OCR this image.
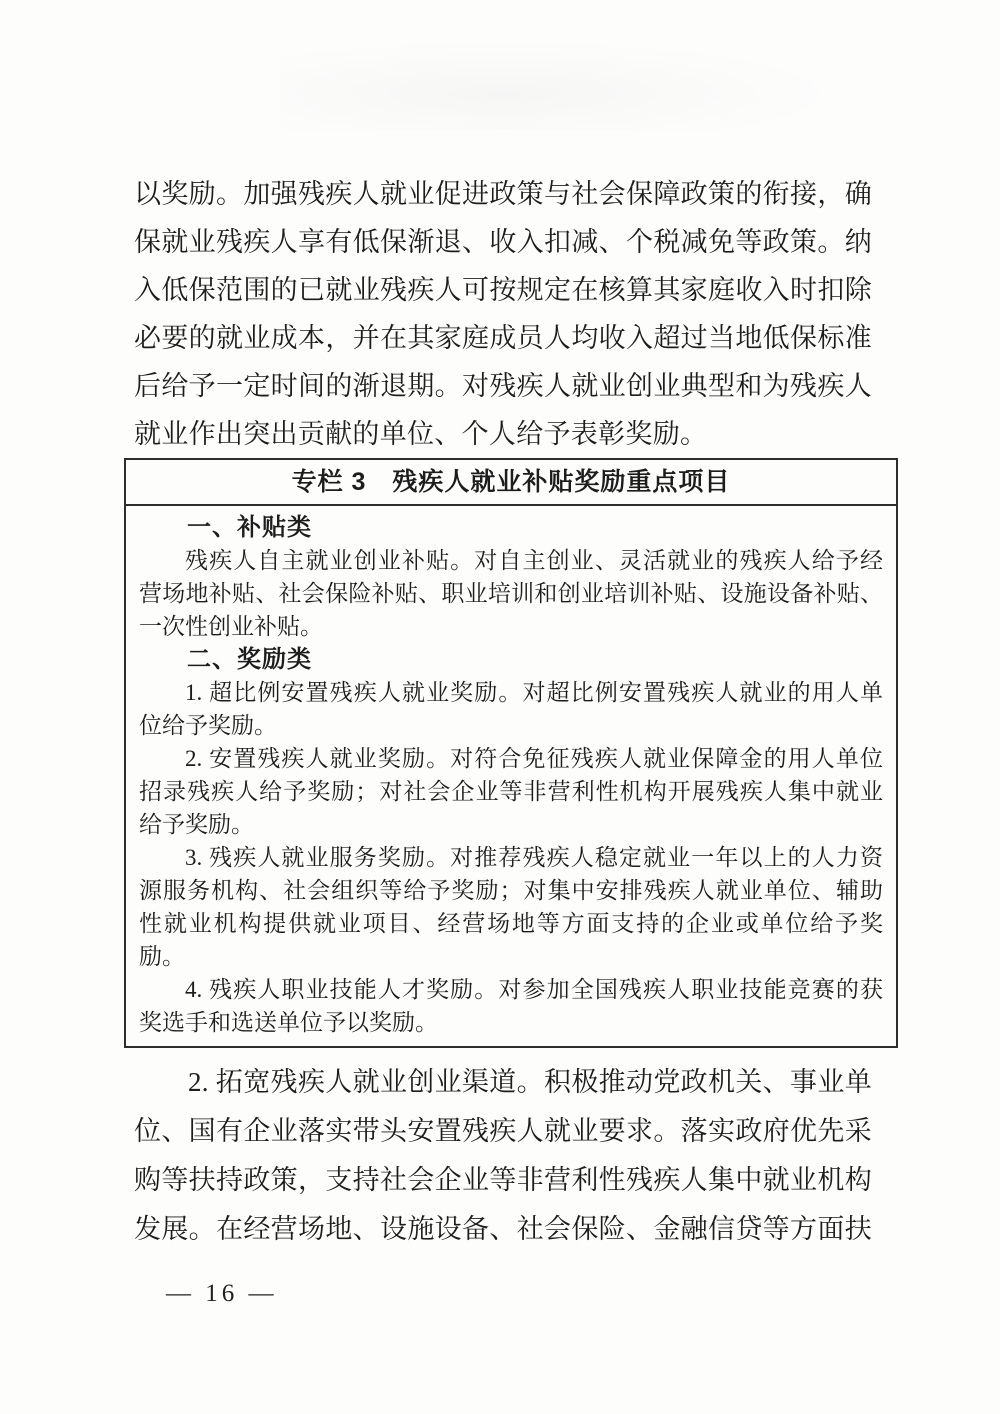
以奖励。加强残疾人就业促进政策与社会保障政策的衔接，确
保就业残疾人享有低保渐退、收入扣减、个税减免等政策。纳
入低保范围的已就业残疾人可按规定在核算其家庭收入时扣除
必要的就业成本，并在其家庭成员人均收入超过当地低保标准
后给予一定时间的渐退期。对残疾人就业创业典型和为残疾人
就业作出突出贡献的单位、个人给予表彰奖励。
专栏 3　残疾人就业补贴奖励重点项目
一、补贴类
残疾人自主就业创业补贴。对自主创业、灵活就业的残疾人给予经
营场地补贴、社会保险补贴、职业培训和创业培训补贴、设施设备补贴、
一次性创业补贴。
二、奖励类
1. 超比例安置残疾人就业奖励。对超比例安置残疾人就业的用人单
位给予奖励。
2. 安置残疾人就业奖励。对符合免征残疾人就业保障金的用人单位
招录残疾人给予奖励；对社会企业等非营利性机构开展残疾人集中就业
给予奖励。
3. 残疾人就业服务奖励。对推荐残疾人稳定就业一年以上的人力资
源服务机构、社会组织等给予奖励；对集中安排残疾人就业单位、辅助
性就业机构提供就业项目、经营场地等方面支持的企业或单位给予奖
励。
4. 残疾人职业技能人才奖励。对参加全国残疾人职业技能竞赛的获
奖选手和选送单位予以奖励。
2. 拓宽残疾人就业创业渠道。积极推动党政机关、事业单
位、国有企业落实带头安置残疾人就业要求。落实政府优先采
购等扶持政策，支持社会企业等非营利性残疾人集中就业机构
发展。在经营场地、设施设备、社会保险、金融信贷等方面扶
— 16 —
